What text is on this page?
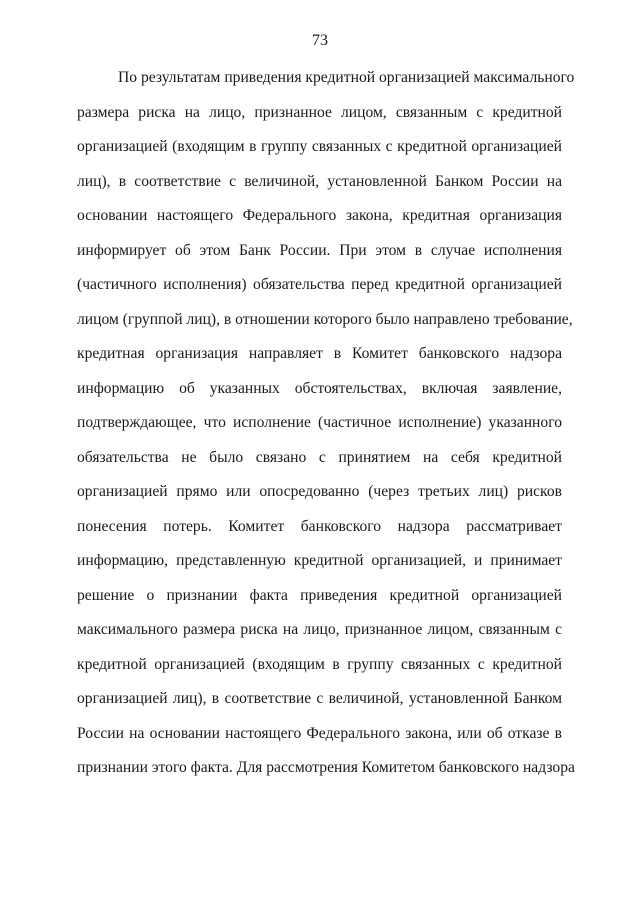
73
По результатам приведения кредитной организацией максимального
размера риска на лицо, признанное лицом, связанным с кредитной
организацией (входящим в группу связанных с кредитной организацией
лиц), в соответствие с величиной, установленной Банком России на
основании настоящего Федерального закона, кредитная организация
информирует об этом Банк России. При этом в случае исполнения
(частичного исполнения) обязательства перед кредитной организацией
лицом (группой лиц), в отношении которого было направлено требование,
кредитная организация направляет в Комитет банковского надзора
информацию об указанных обстоятельствах, включая заявление,
подтверждающее, что исполнение (частичное исполнение) указанного
обязательства не было связано с принятием на себя кредитной
организацией прямо или опосредованно (через третьих лиц) рисков
понесения потерь. Комитет банковского надзора рассматривает
информацию, представленную кредитной организацией, и принимает
решение о признании факта приведения кредитной организацией
максимального размера риска на лицо, признанное лицом, связанным с
кредитной организацией (входящим в группу связанных с кредитной
организацией лиц), в соответствие с величиной, установленной Банком
России на основании настоящего Федерального закона, или об отказе в
признании этого факта. Для рассмотрения Комитетом банковского надзора
